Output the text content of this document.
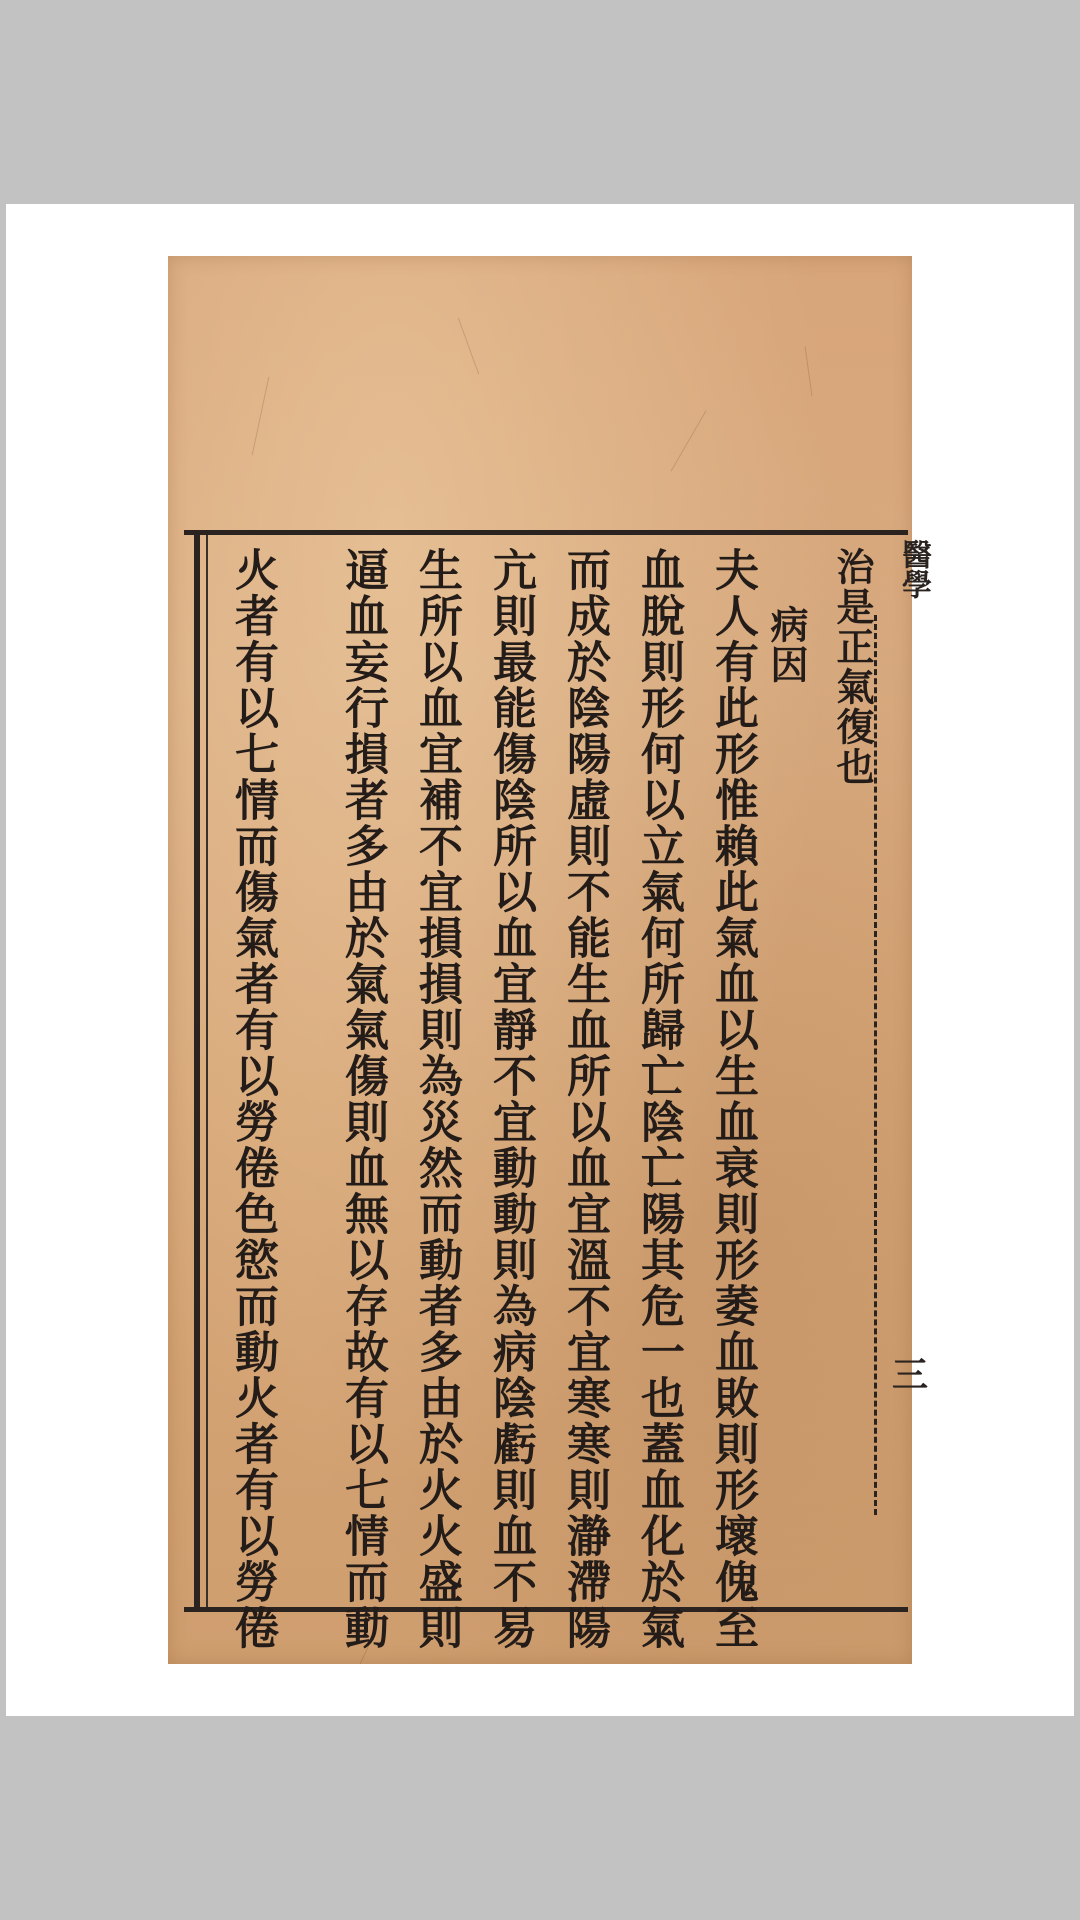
醫學
三
治是正氣復也
病因
夫人有此形惟賴此氣血以生血衰則形萎血敗則形壞傀至
血脫則形何以立氣何所歸亡陰亡陽其危一也蓋血化於氣
而成於陰陽虛則不能生血所以血宜溫不宜寒寒則瀞滯陽
亢則最能傷陰所以血宜靜不宜動動則為病陰虧則血不易
生所以血宜補不宜損損則為災然而動者多由於火火盛則
逼血妄行損者多由於氣氣傷則血無以存故有以七情而動
火者有以七情而傷氣者有以勞倦色慾而動火者有以勞倦
